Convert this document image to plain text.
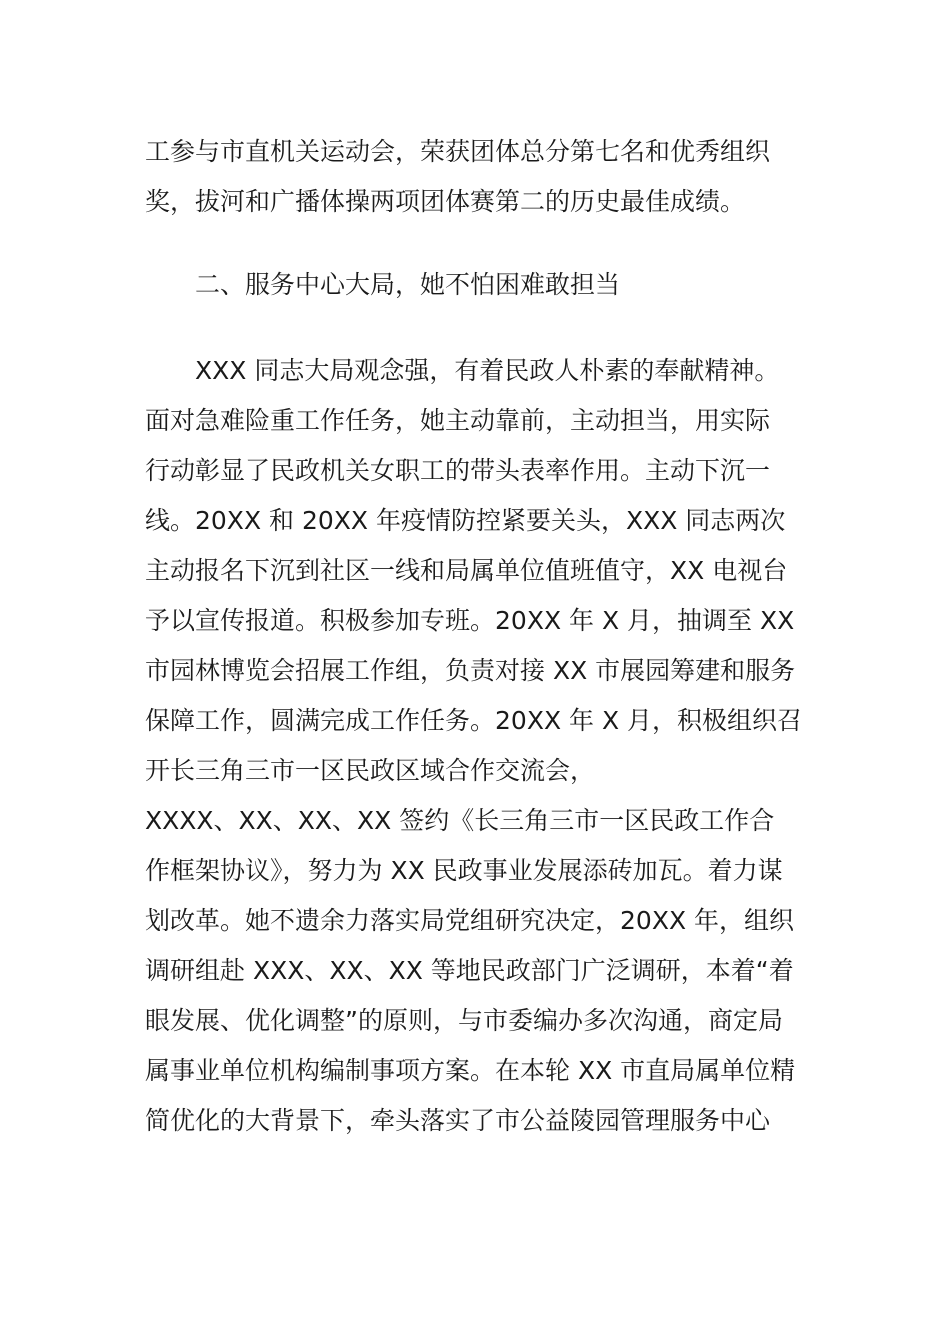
工参与市直机关运动会，荣获团体总分第七名和优秀组织
奖，拔河和广播体操两项团体赛第二的历史最佳成绩。
二、服务中心大局，她不怕困难敢担当
XXX 同志大局观念强，有着民政人朴素的奉献精神。
面对急难险重工作任务，她主动靠前，主动担当，用实际
行动彰显了民政机关女职工的带头表率作用。主动下沉一
线。20XX 和 20XX 年疫情防控紧要关头，XXX 同志两次
主动报名下沉到社区一线和局属单位值班值守，XX 电视台
予以宣传报道。积极参加专班。20XX 年 X 月，抽调至 XX
市园林博览会招展工作组，负责对接 XX 市展园筹建和服务
保障工作，圆满完成工作任务。20XX 年 X 月，积极组织召
开长三角三市一区民政区域合作交流会，
XXXX、XX、XX、XX 签约《长三角三市一区民政工作合
作框架协议》，努力为 XX 民政事业发展添砖加瓦。着力谋
划改革。她不遗余力落实局党组研究决定，20XX 年，组织
调研组赴 XXX、XX、XX 等地民政部门广泛调研，本着“着
眼发展、优化调整”的原则，与市委编办多次沟通，商定局
属事业单位机构编制事项方案。在本轮 XX 市直局属单位精
简优化的大背景下，牵头落实了市公益陵园管理服务中心
